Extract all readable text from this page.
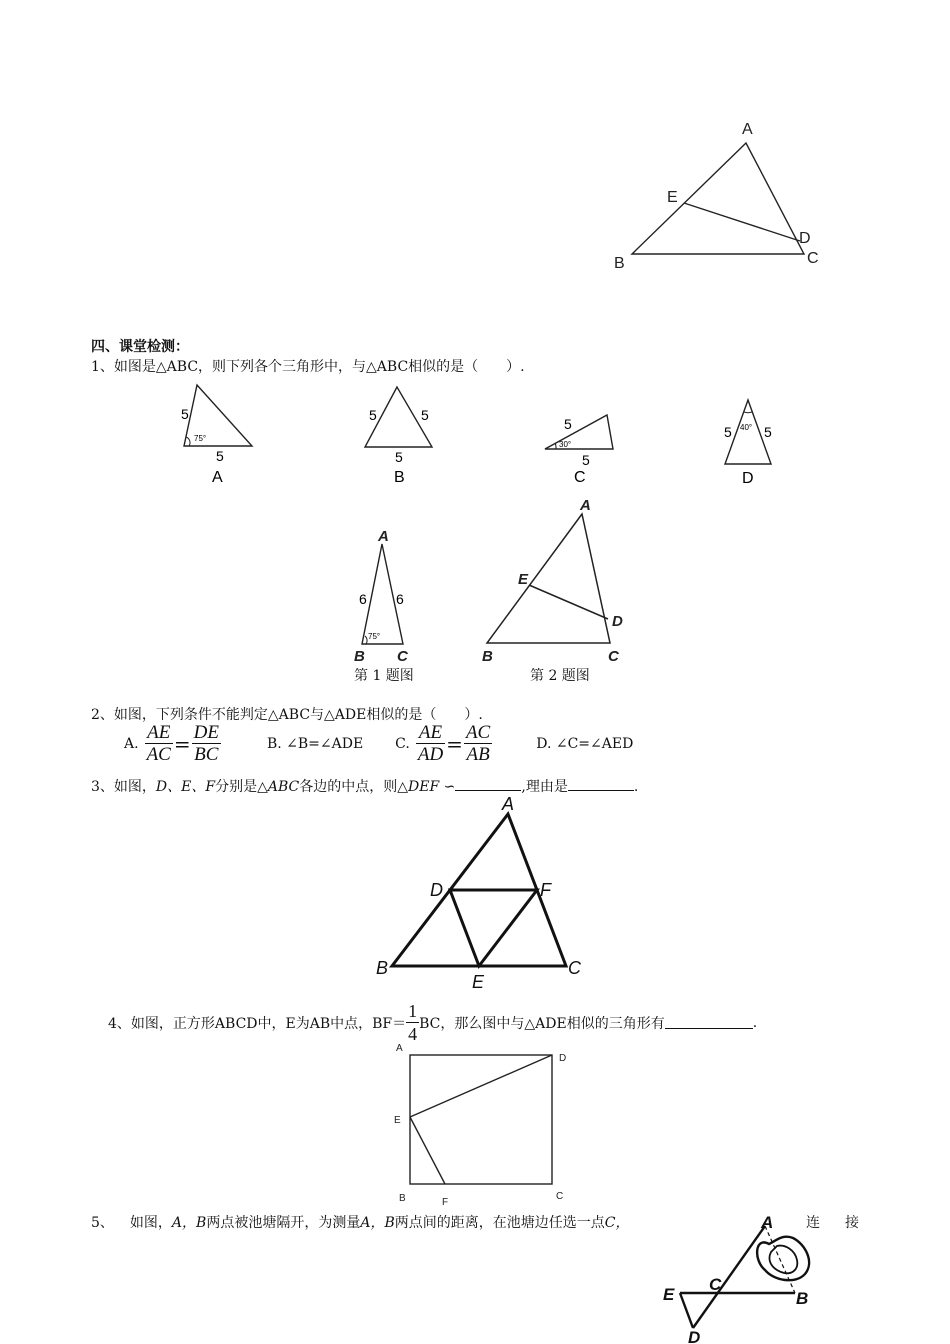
A
E
D
B	C
四、课堂检测：
1、如图是△ABC，则下列各个三角形中，与△ABC相似的是（　　）.
5
75°
5
A
5	5
5
B
5
30°
5
C
40°
5 5
D
A
B C
6 6
75°
第 1 题图
A
E
D
B	C
第 2 题图
2、如图，下列条件不能判定△ABC与△ADE相似的是（　　）.
A. $\frac{AE}{AC} = \frac{DE}{BC}$	B. ∠B=∠ADE C. $\frac{AE}{AD} = \frac{AC}{AB}$	D. ∠C=∠AED
3、如图，D、E、F分别是△ABC各边的中点，则△DEF ∽	,理由是	.
A
B	C
D	F
E
4、如图，正方形ABCD中，E为AB中点，$BF= \frac{1}{4}$ BC，那么图中与△ADE相似的三角形有	.
A
D
E
B	F
C
5、 如图，A，B两点被池塘隔开，为测量A，B两点间的距离，在池塘边任选一点C，	连 接
A
B
C
E
D
